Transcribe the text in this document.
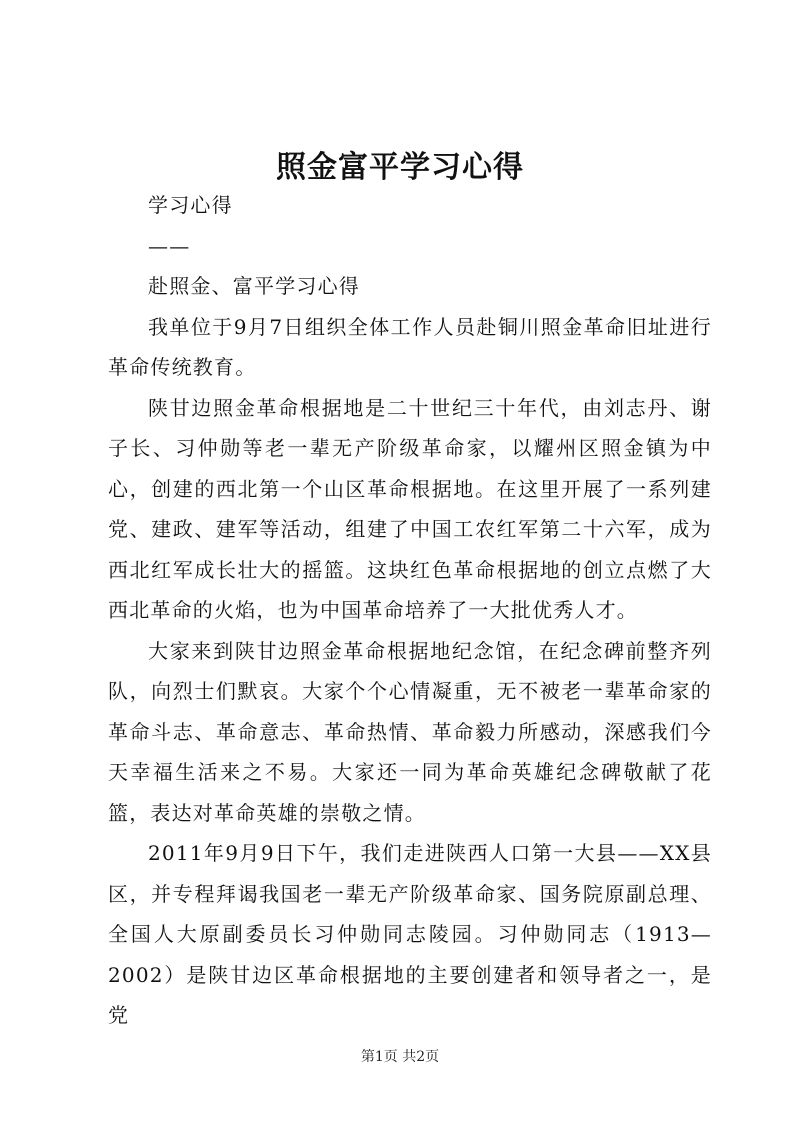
照金富平学习心得

学习心得

——

赴照金、富平学习心得

我单位于9月7日组织全体工作人员赴铜川照金革命旧址进行革命传统教育。

陕甘边照金革命根据地是二十世纪三十年代，由刘志丹、谢子长、习仲勋等老一辈无产阶级革命家，以耀州区照金镇为中心，创建的西北第一个山区革命根据地。在这里开展了一系列建党、建政、建军等活动，组建了中国工农红军第二十六军，成为西北红军成长壮大的摇篮。这块红色革命根据地的创立点燃了大西北革命的火焰，也为中国革命培养了一大批优秀人才。

大家来到陕甘边照金革命根据地纪念馆，在纪念碑前整齐列队，向烈士们默哀。大家个个心情凝重，无不被老一辈革命家的革命斗志、革命意志、革命热情、革命毅力所感动，深感我们今天幸福生活来之不易。大家还一同为革命英雄纪念碑敬献了花篮，表达对革命英雄的崇敬之情。

2011年9月9日下午，我们走进陕西人口第一大县——XX县区，并专程拜谒我国老一辈无产阶级革命家、国务院原副总理、全国人大原副委员长习仲勋同志陵园。习仲勋同志（1913—2002）是陕甘边区革命根据地的主要创建者和领导者之一，是党

第1页 共2页
